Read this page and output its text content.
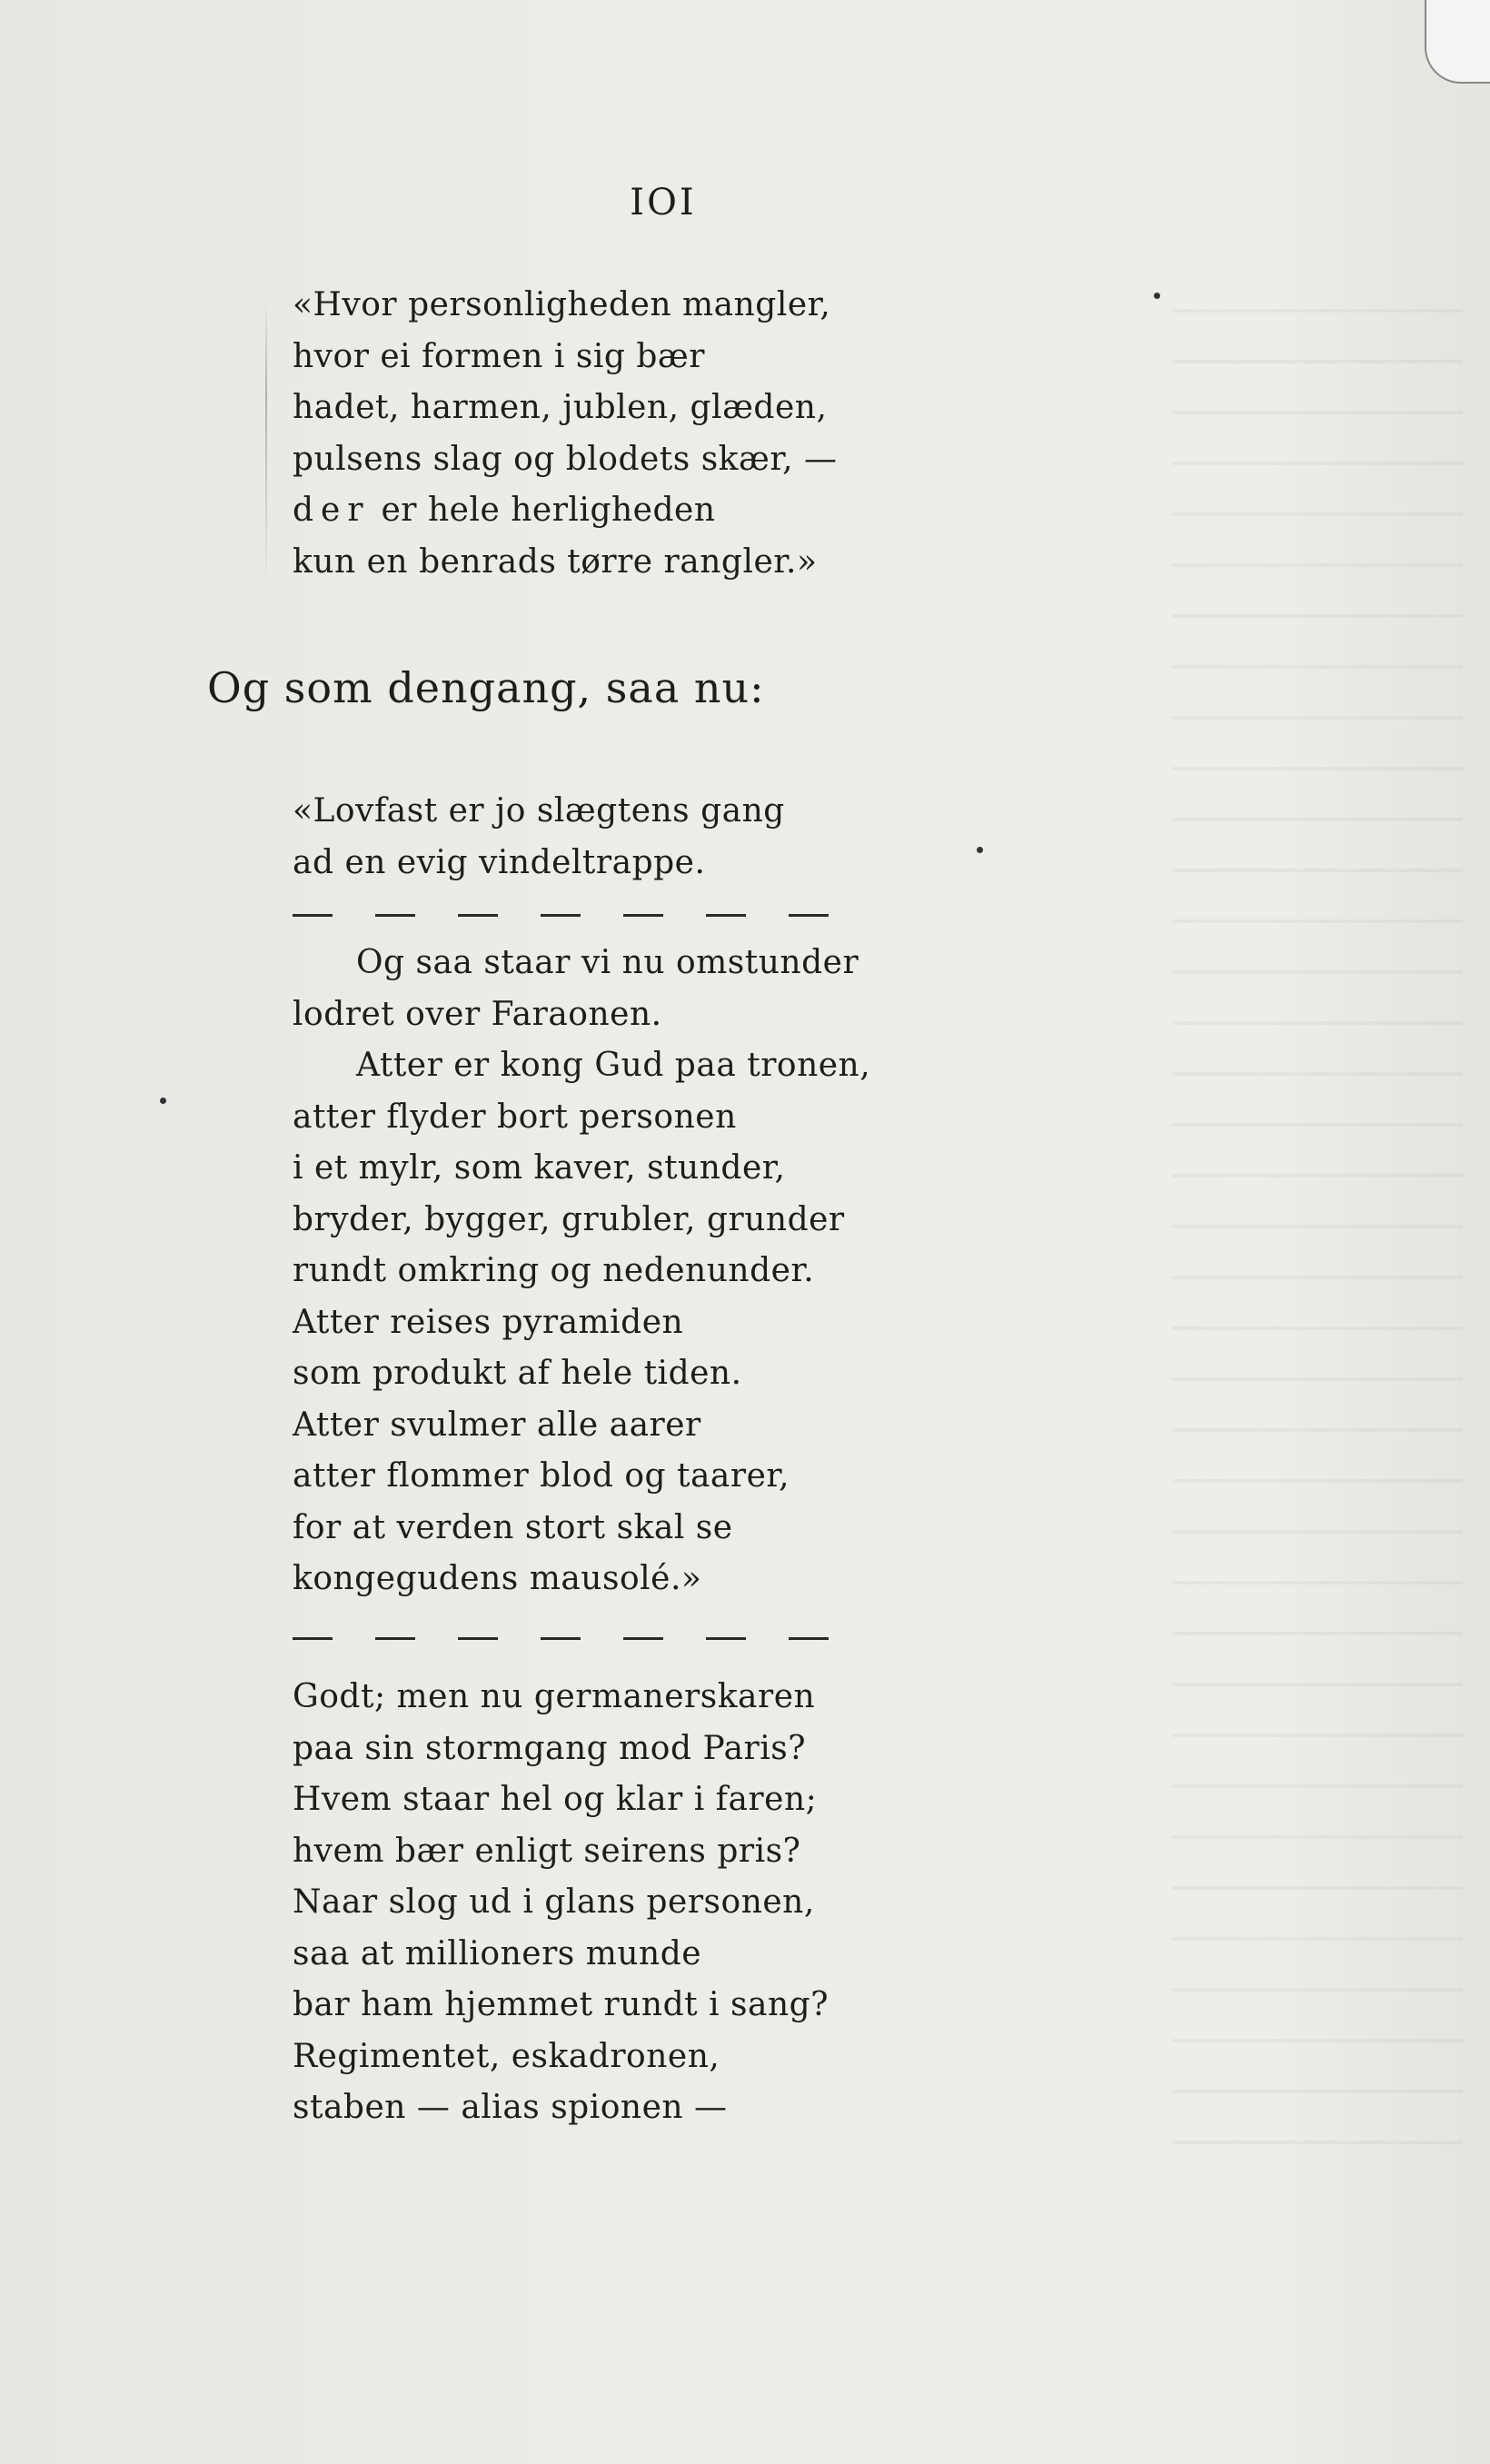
IOI
«Hvor personligheden mangler,
hvor ei formen i sig bær
hadet, harmen, jublen, glæden,
pulsens slag og blodets skær, —
der er hele herligheden
kun en benrads tørre rangler.»
Og som dengang, saa nu:
«Lovfast er jo slægtens gang
ad en evig vindeltrappe.
Og saa staar vi nu omstunder
lodret over Faraonen.
Atter er kong Gud paa tronen,
atter flyder bort personen
i et mylr, som kaver, stunder,
bryder, bygger, grubler, grunder
rundt omkring og nedenunder.
Atter reises pyramiden
som produkt af hele tiden.
Atter svulmer alle aarer
atter flommer blod og taarer,
for at verden stort skal se
kongegudens mausolé.»
Godt; men nu germanerskaren
paa sin stormgang mod Paris?
Hvem staar hel og klar i faren;
hvem bær enligt seirens pris?
Naar slog ud i glans personen,
saa at millioners munde
bar ham hjemmet rundt i sang?
Regimentet, eskadronen,
staben — alias spionen —
